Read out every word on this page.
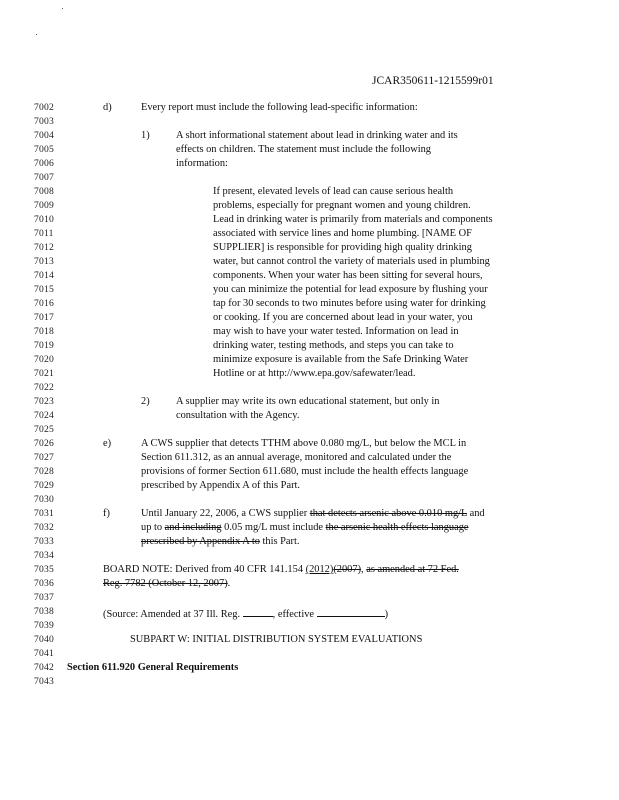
JCAR350611-1215599r01
7002
7003
7004
7005
7006
7007
7008
7009
7010
7011
7012
7013
7014
7015
7016
7017
7018
7019
7020
7021
7022
7023
7024
7025
7026
7027
7028
7029
7030
7031
7032
7033
7034
7035
7036
7037
7038
7039
7040
7041
7042
7043
d)	Every report must include the following lead-specific information:
1)	A short informational statement about lead in drinking water and its
effects on children. The statement must include the following
information:
If present, elevated levels of lead can cause serious health
problems, especially for pregnant women and young children.
Lead in drinking water is primarily from materials and components
associated with service lines and home plumbing. [NAME OF
SUPPLIER] is responsible for providing high quality drinking
water, but cannot control the variety of materials used in plumbing
components. When your water has been sitting for several hours,
you can minimize the potential for lead exposure by flushing your
tap for 30 seconds to two minutes before using water for drinking
or cooking. If you are concerned about lead in your water, you
may wish to have your water tested. Information on lead in
drinking water, testing methods, and steps you can take to
minimize exposure is available from the Safe Drinking Water
Hotline or at http://www.epa.gov/safewater/lead.
2)	A supplier may write its own educational statement, but only in
consultation with the Agency.
e)	A CWS supplier that detects TTHM above 0.080 mg/L, but below the MCL in
Section 611.312, as an annual average, monitored and calculated under the
provisions of former Section 611.680, must include the health effects language
prescribed by Appendix A of this Part.
f)	Until January 22, 2006, a CWS supplier that detects arsenic above 0.010 mg/L and
up to and including 0.05 mg/L must include the arsenic health effects language
prescribed by Appendix A to this Part.
BOARD NOTE: Derived from 40 CFR 141.154 (2012)(2007), as amended at 72 Fed.
Reg. 7782 (October 12, 2007).
(Source: Amended at 37 Ill. Reg.	, effective	)
SUBPART W: INITIAL DISTRIBUTION SYSTEM EVALUATIONS
Section 611.920 General Requirements
